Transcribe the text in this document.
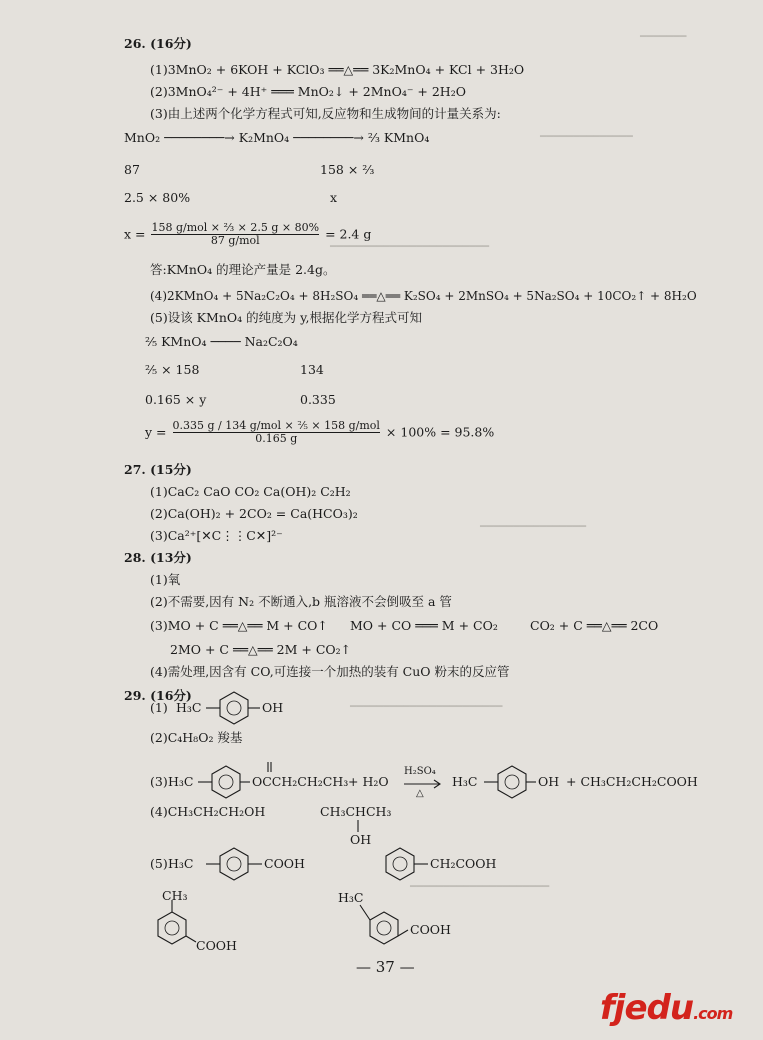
━━━━━━━
━━━━━━━━━━━━━━
━━━━━━━━━━━━━━━━━━━━━━━━
━━━━━━━━━━━━━━━━
━━━━━━━━━━━━━━━━━━━━━━━
━━━━━━━━━━━━━━━━━━━━━
26. (16分)
(1)3MnO₂ + 6KOH + KClO₃ ══△══ 3K₂MnO₄ + KCl + 3H₂O
(2)3MnO₄²⁻ + 4H⁺ ═══ MnO₂↓ + 2MnO₄⁻ + 2H₂O
(3)由上述两个化学方程式可知,反应物和生成物间的计量关系为:
MnO₂ ────────→ K₂MnO₄ ────────→ ⅔ KMnO₄
87	158 × ⅔
2.5 × 80%	x
$x = \frac{\text{158 g/mol × ⅔ × 2.5 g × 80\%}}{\text{87 g/mol}} = 2.4$ g
答:KMnO₄ 的理论产量是 2.4g。
(4)2KMnO₄ + 5Na₂C₂O₄ + 8H₂SO₄ ══△══ K₂SO₄ + 2MnSO₄ + 5Na₂SO₄ + 10CO₂↑ + 8H₂O
(5)设该 KMnO₄ 的纯度为 y,根据化学方程式可知
⅖ KMnO₄ ──── Na₂C₂O₄
⅖ × 158	134
0.165 × y	0.335
$y = \frac{\text{0.335 g / 134 g/mol × ⅖ × 158 g/mol}}{0.165 g} \times 100\% = 95.8\%$
27. (15分)
(1)CaC₂ CaO CO₂ Ca(OH)₂ C₂H₂
(2)Ca(OH)₂ + 2CO₂ = Ca(HCO₃)₂
(3)Ca²⁺[✕C⋮⋮C✕]²⁻
28. (13分)
(1)氧
(2)不需要,因有 N₂ 不断通入,b 瓶溶液不会倒吸至 a 管
(3)MO + C ══△══ M + CO↑ MO + CO ═══ M + CO₂	CO₂ + C ══△══ 2CO
2MO + C ══△══ 2M + CO₂↑
(4)需处理,因含有 CO,可连接一个加热的装有 CuO 粉末的反应管
29. (16分)
(1) H₃C	OH
(2)C₄H₈O₂ 羧基
(3) H₃C	OCCH₂CH₂CH₃ + H₂O
H₂SO₄
△
H₃C	OH + CH₃CH₂CH₂COOH
(4)CH₃CH₂CH₂OH	CH₃CHCH₃
OH
(5) H₃C	COOH	CH₂COOH
CH₃
COOH
H₃C
COOH
— 37 —
fjedu.com
